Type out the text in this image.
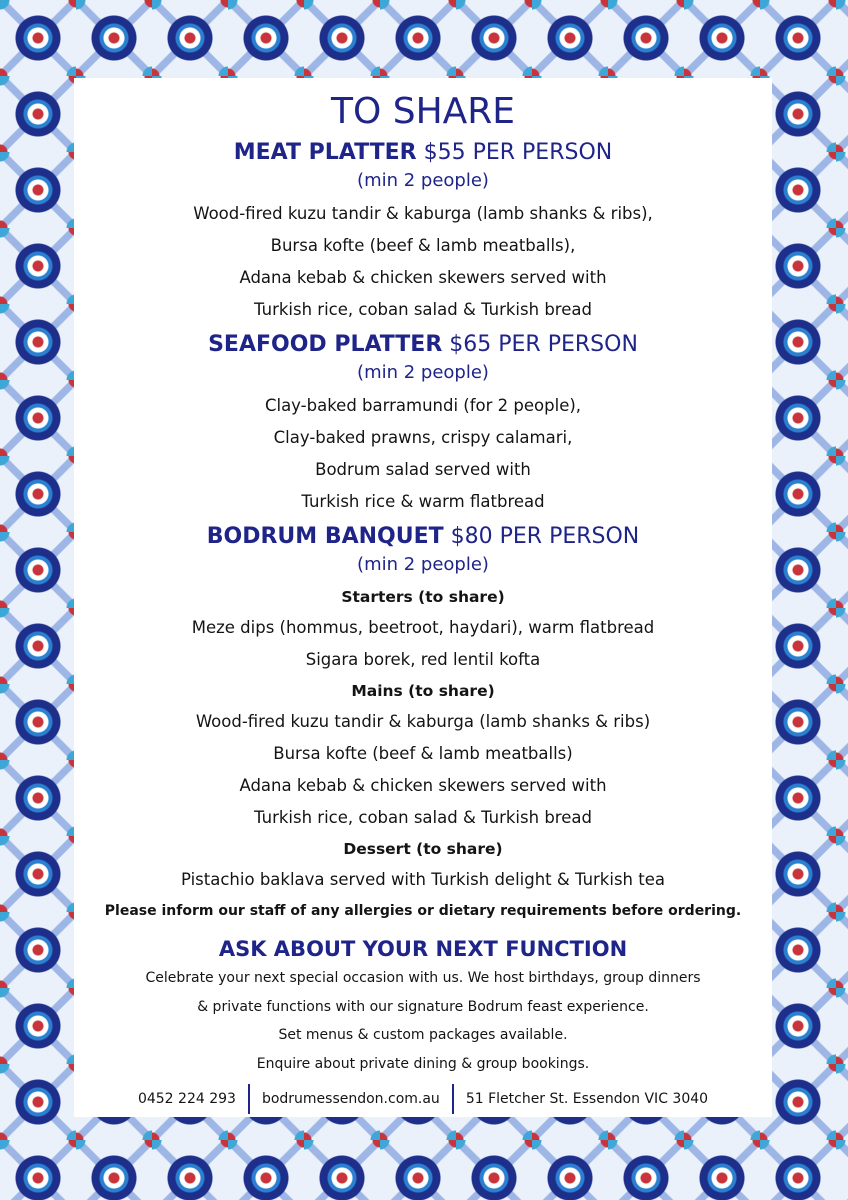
TO SHARE
MEAT PLATTER $55 PER PERSON

(min 2 people)

Wood-fired kuzu tandir & kaburga (lamb shanks & ribs),

Bursa kofte (beef & lamb meatballs),

Adana kebab & chicken skewers served with

Turkish rice, coban salad & Turkish bread

SEAFOOD PLATTER $65 PER PERSON

(min 2 people)

Clay-baked barramundi (for 2 people),

Clay-baked prawns, crispy calamari,

Bodrum salad served with

Turkish rice & warm flatbread

BODRUM BANQUET $80 PER PERSON

(min 2 people)

Starters (to share)

Meze dips (hommus, beetroot, haydari), warm flatbread

Sigara borek, red lentil kofta

Mains (to share)

Wood-fired kuzu tandir & kaburga (lamb shanks & ribs)

Bursa kofte (beef & lamb meatballs)

Adana kebab & chicken skewers served with

Turkish rice, coban salad & Turkish bread

Dessert (to share)

Pistachio baklava served with Turkish delight & Turkish tea

Please inform our staff of any allergies or dietary requirements before ordering.

ASK ABOUT YOUR NEXT FUNCTION

Celebrate your next special occasion with us. We host birthdays, group dinners

& private functions with our signature Bodrum feast experience.

Set menus & custom packages available.

Enquire about private dining & group bookings.

0452 224 293 bodrumessendon.com.au 51 Fletcher St. Essendon VIC 3040
